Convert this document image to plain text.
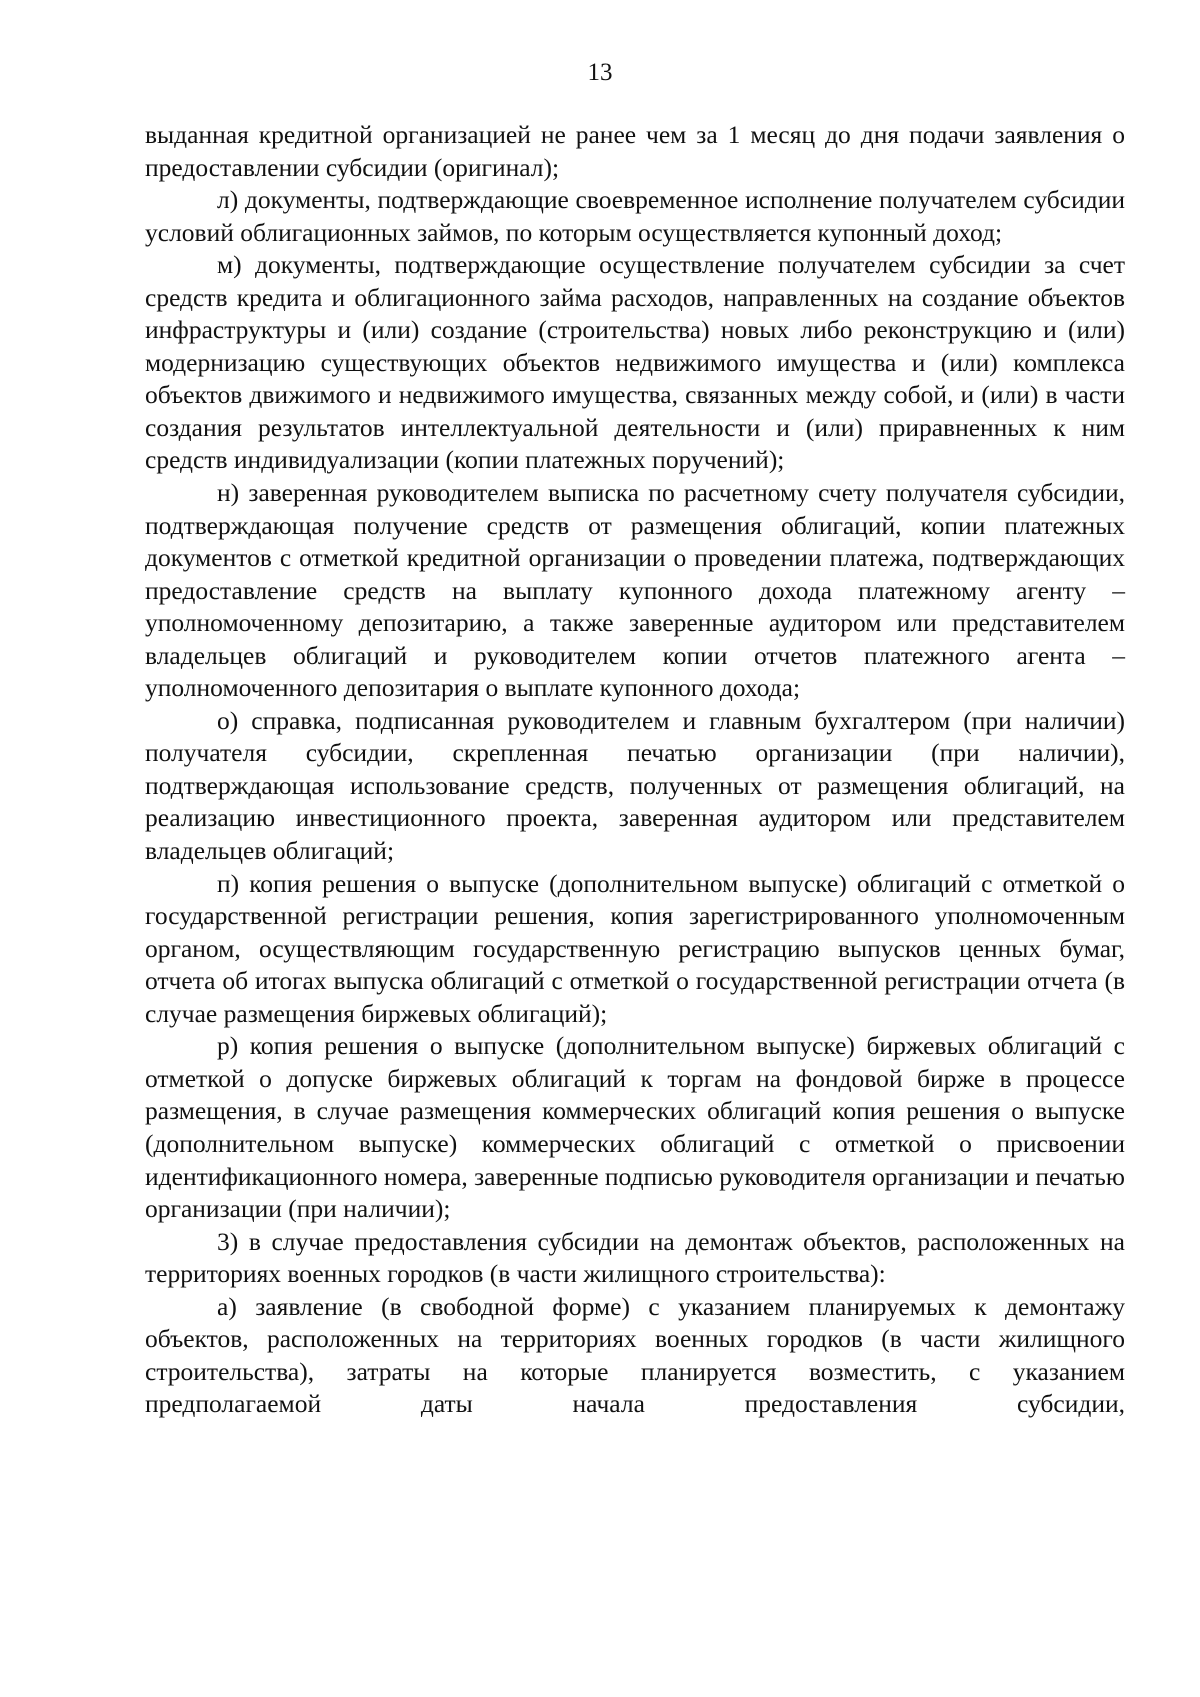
13

выданная кредитной организацией не ранее чем за 1 месяц до дня подачи заявления о предоставлении субсидии (оригинал);

л) документы, подтверждающие своевременное исполнение получателем субсидии условий облигационных займов, по которым осуществляется купонный доход;

м) документы, подтверждающие осуществление получателем субсидии за счет средств кредита и облигационного займа расходов, направленных на создание объектов инфраструктуры и (или) создание (строительства) новых либо реконструкцию и (или) модернизацию существующих объектов недвижимого имущества и (или) комплекса объектов движимого и недвижимого имущества, связанных между собой, и (или) в части создания результатов интеллектуальной деятельности и (или) приравненных к ним средств индивидуализации (копии платежных поручений);

н) заверенная руководителем выписка по расчетному счету получателя субсидии, подтверждающая получение средств от размещения облигаций, копии платежных документов с отметкой кредитной организации о проведении платежа, подтверждающих предоставление средств на выплату купонного дохода платежному агенту – уполномоченному депозитарию, а также заверенные аудитором или представителем владельцев облигаций и руководителем копии отчетов платежного агента – уполномоченного депозитария о выплате купонного дохода;

о) справка, подписанная руководителем и главным бухгалтером (при наличии) получателя субсидии, скрепленная печатью организации (при наличии), подтверждающая использование средств, полученных от размещения облигаций, на реализацию инвестиционного проекта, заверенная аудитором или представителем владельцев облигаций;

п) копия решения о выпуске (дополнительном выпуске) облигаций с отметкой о государственной регистрации решения, копия зарегистрированного уполномоченным органом, осуществляющим государственную регистрацию выпусков ценных бумаг, отчета об итогах выпуска облигаций с отметкой о государственной регистрации отчета (в случае размещения биржевых облигаций);

р) копия решения о выпуске (дополнительном выпуске) биржевых облигаций с отметкой о допуске биржевых облигаций к торгам на фондовой бирже в процессе размещения, в случае размещения коммерческих облигаций копия решения о выпуске (дополнительном выпуске) коммерческих облигаций с отметкой о присвоении идентификационного номера, заверенные подписью руководителя организации и печатью организации (при наличии);

3) в случае предоставления субсидии на демонтаж объектов, расположенных на территориях военных городков (в части жилищного строительства):

а) заявление (в свободной форме) с указанием планируемых к демонтажу объектов, расположенных на территориях военных городков (в части жилищного строительства), затраты на которые планируется возместить, с указанием предполагаемой даты начала предоставления субсидии,
